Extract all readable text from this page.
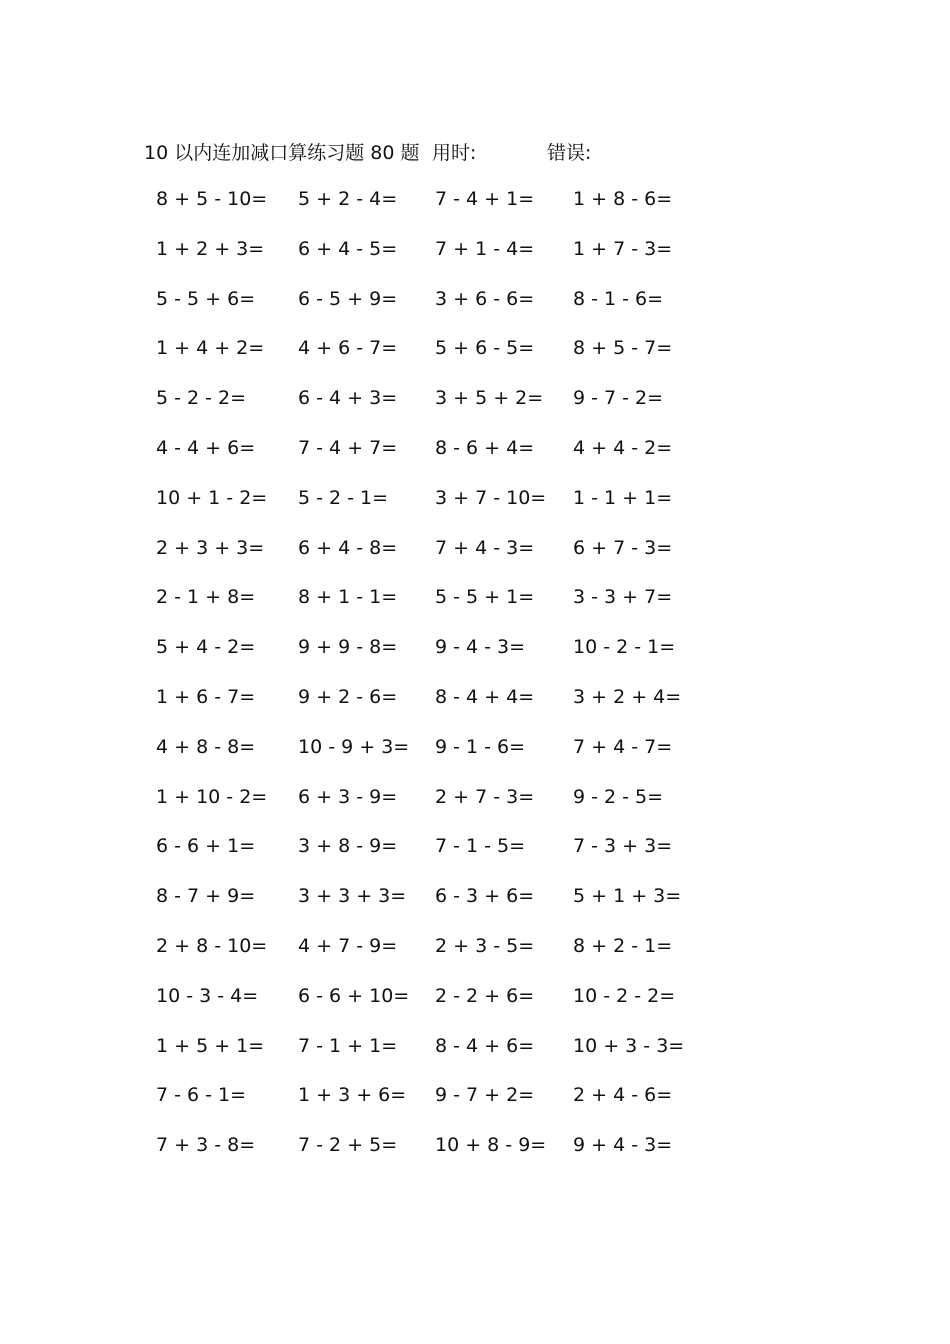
10 以内连加减口算练习题 80 题 用时:	错误:
8 + 5 - 10= 5 + 2 - 4= 7 - 4 + 1= 1 + 8 - 6=
1 + 2 + 3= 6 + 4 - 5= 7 + 1 - 4= 1 + 7 - 3=
5 - 5 + 6= 6 - 5 + 9= 3 + 6 - 6= 8 - 1 - 6=
1 + 4 + 2= 4 + 6 - 7= 5 + 6 - 5= 8 + 5 - 7=
5 - 2 - 2=	6 - 4 + 3= 3 + 5 + 2= 9 - 7 - 2=
4 - 4 + 6= 7 - 4 + 7= 8 - 6 + 4= 4 + 4 - 2=
10 + 1 - 2= 5 - 2 - 1= 3 + 7 - 10= 1 - 1 + 1=
2 + 3 + 3= 6 + 4 - 8= 7 + 4 - 3= 6 + 7 - 3=
2 - 1 + 8= 8 + 1 - 1= 5 - 5 + 1= 3 - 3 + 7=
5 + 4 - 2= 9 + 9 - 8= 9 - 4 - 3=	10 - 2 - 1=
1 + 6 - 7= 9 + 2 - 6= 8 - 4 + 4= 3 + 2 + 4=
4 + 8 - 8= 10 - 9 + 3= 9 - 1 - 6=	7 + 4 - 7=
1 + 10 - 2= 6 + 3 - 9= 2 + 7 - 3= 9 - 2 - 5=
6 - 6 + 1= 3 + 8 - 9= 7 - 1 - 5=	7 - 3 + 3=
8 - 7 + 9= 3 + 3 + 3= 6 - 3 + 6= 5 + 1 + 3=
2 + 8 - 10= 4 + 7 - 9= 2 + 3 - 5= 8 + 2 - 1=
10 - 3 - 4= 6 - 6 + 10= 2 - 2 + 6= 10 - 2 - 2=
1 + 5 + 1= 7 - 1 + 1= 8 - 4 + 6= 10 + 3 - 3=
7 - 6 - 1=	1 + 3 + 6= 9 - 7 + 2= 2 + 4 - 6=
7 + 3 - 8= 7 - 2 + 5= 10 + 8 - 9= 9 + 4 - 3=
